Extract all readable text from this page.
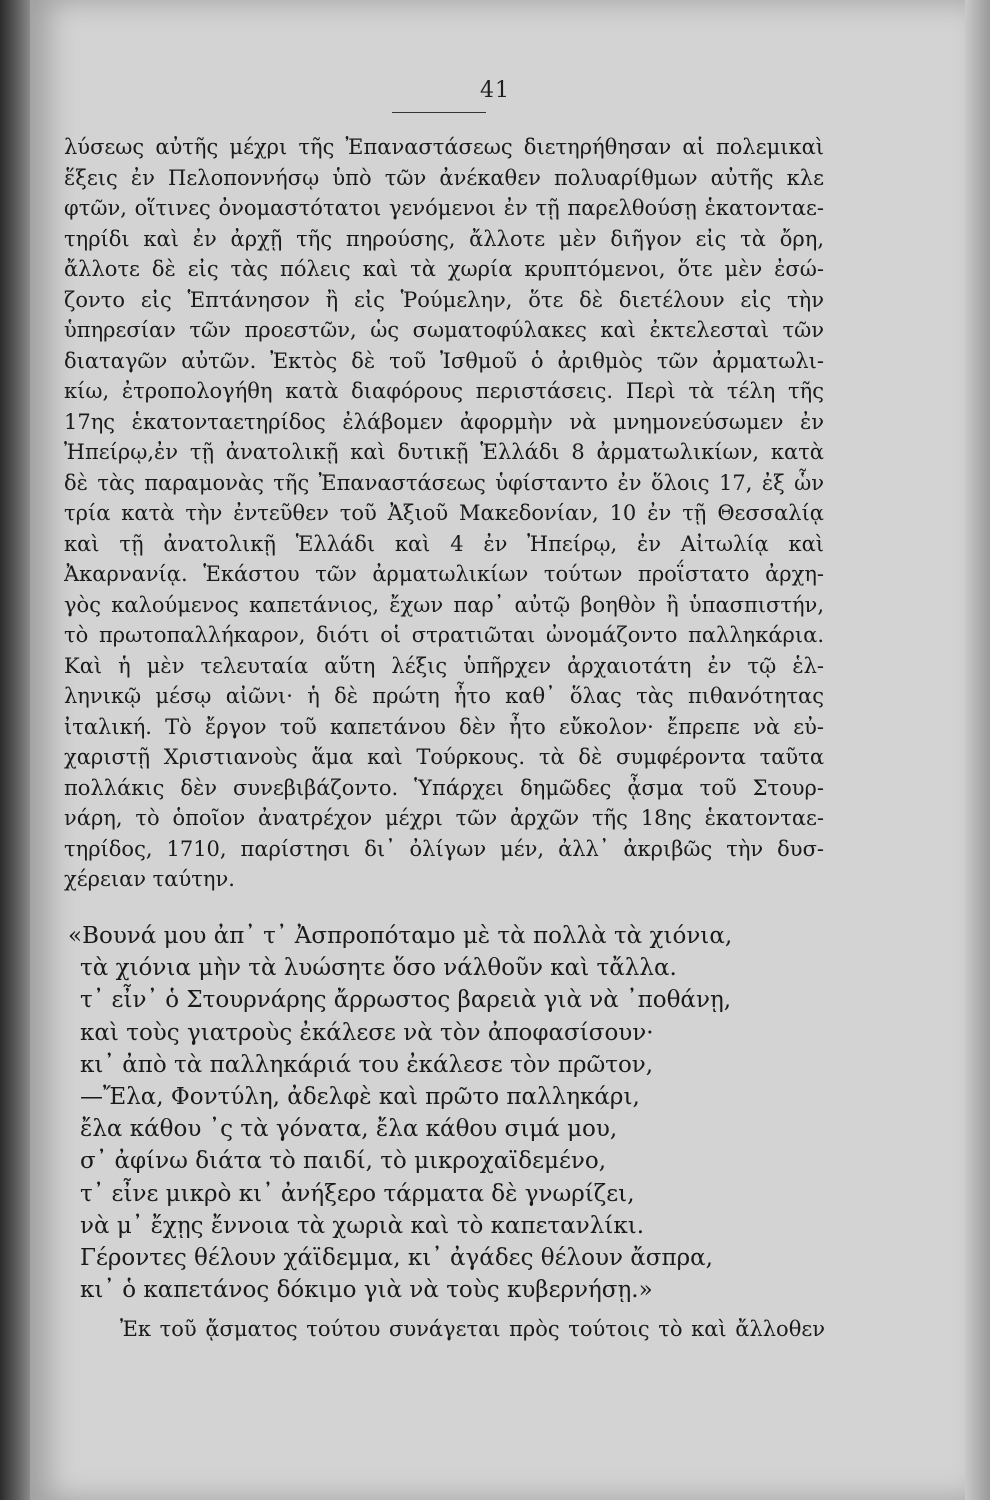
41
λύσεως αὐτῆς μέχρι τῆς Ἐπαναστάσεως διετηρήθησαν αἱ πολεμικαὶ
ἕξεις ἐν Πελοποννήσῳ ὑπὸ τῶν ἀνέκαθεν πολυαρίθμων αὐτῆς κλε
φτῶν, οἵτινες ὀνομαστότατοι γενόμενοι ἐν τῇ παρελθούσῃ ἑκατονταε-
τηρίδι καὶ ἐν ἀρχῇ τῆς πηρούσης, ἄλλοτε μὲν διῆγον εἰς τὰ ὄρη,
ἄλλοτε δὲ εἰς τὰς πόλεις καὶ τὰ χωρία κρυπτόμενοι, ὅτε μὲν ἐσώ-
ζοντο εἰς Ἑπτάνησον ἢ εἰς Ῥούμελην, ὅτε δὲ διετέλουν εἰς τὴν
ὑπηρεσίαν τῶν προεστῶν, ὡς σωματοφύλακες καὶ ἐκτελεσταὶ τῶν
διαταγῶν αὐτῶν. Ἐκτὸς δὲ τοῦ Ἰσθμοῦ ὁ ἀριθμὸς τῶν ἀρματωλι-
κίω, ἐτροπολογήθη κατὰ διαφόρους περιστάσεις. Περὶ τὰ τέλη τῆς
17ης ἑκατονταετηρίδος ἐλάβομεν ἀφορμὴν νὰ μνημονεύσωμεν ἐν
Ἠπείρῳ,ἐν τῇ ἀνατολικῇ καὶ δυτικῇ Ἑλλάδι 8 ἀρματωλικίων, κατὰ
δὲ τὰς παραμονὰς τῆς Ἐπαναστάσεως ὑφίσταντο ἐν ὅλοις 17, ἐξ ὧν
τρία κατὰ τὴν ἐντεῦθεν τοῦ Ἀξιοῦ Μακεδονίαν, 10 ἐν τῇ Θεσσαλίᾳ
καὶ τῇ ἀνατολικῇ Ἑλλάδι καὶ 4 ἐν Ἠπείρῳ, ἐν Αἰτωλίᾳ καὶ
Ἀκαρνανίᾳ. Ἑκάστου τῶν ἀρματωλικίων τούτων προΐστατο ἀρχη-
γὸς καλούμενος καπετάνιος, ἔχων παρ᾽ αὐτῷ βοηθὸν ἢ ὑπασπιστήν,
τὸ πρωτοπαλλήκαρον, διότι οἱ στρατιῶται ὠνομάζοντο παλληκάρια.
Καὶ ἡ μὲν τελευταία αὕτη λέξις ὑπῆρχεν ἀρχαιοτάτη ἐν τῷ ἑλ-
ληνικῷ μέσῳ αἰῶνι· ἡ δὲ πρώτη ἦτο καθ᾽ ὅλας τὰς πιθανότητας
ἰταλική. Τὸ ἔργον τοῦ καπετάνου δὲν ἦτο εὔκολον· ἔπρεπε νὰ εὐ-
χαριστῇ Χριστιανοὺς ἅμα καὶ Τούρκους. τὰ δὲ συμφέροντα ταῦτα
πολλάκις δὲν συνεβιβάζοντο. Ὑπάρχει δημῶδες ᾆσμα τοῦ Στουρ-
νάρη, τὸ ὁποῖον ἀνατρέχον μέχρι τῶν ἀρχῶν τῆς 18ης ἑκατονταε-
τηρίδος, 1710, παρίστησι δι᾽ ὀλίγων μέν, ἀλλ᾽ ἀκριβῶς τὴν δυσ-
χέρειαν ταύτην.
«Βουνά μου ἀπ᾽ τ᾽ Ἀσπροπόταμο μὲ τὰ πολλὰ τὰ χιόνια,
τὰ χιόνια μὴν τὰ λυώσητε ὅσο νάλθοῦν καὶ τἄλλα.
τ᾽ εἶν᾽ ὁ Στουρνάρης ἄρρωστος βαρειὰ γιὰ νὰ ᾽ποθάνῃ,
καὶ τοὺς γιατροὺς ἐκάλεσε νὰ τὸν ἀποφασίσουν·
κι᾽ ἀπὸ τὰ παλληκάριά του ἐκάλεσε τὸν πρῶτον,
—Ἔλα, Φοντύλη, ἀδελφὲ καὶ πρῶτο παλληκάρι,
ἔλα κάθου ᾽ς τὰ γόνατα, ἔλα κάθου σιμά μου,
σ᾽ ἀφίνω διάτα τὸ παιδί, τὸ μικροχαϊδεμένο,
τ᾽ εἶνε μικρὸ κι᾽ ἀνήξερο τάρματα δὲ γνωρίζει,
νὰ μ᾽ ἔχῃς ἔννοια τὰ χωριὰ καὶ τὸ καπετανλίκι.
Γέροντες θέλουν χάϊδεμμα, κι᾽ ἀγάδες θέλουν ἄσπρα,
κι᾽ ὁ καπετάνος δόκιμο γιὰ νὰ τοὺς κυβερνήσῃ.»
Ἐκ τοῦ ᾄσματος τούτου συνάγεται πρὸς τούτοις τὸ καὶ ἄλλοθεν
